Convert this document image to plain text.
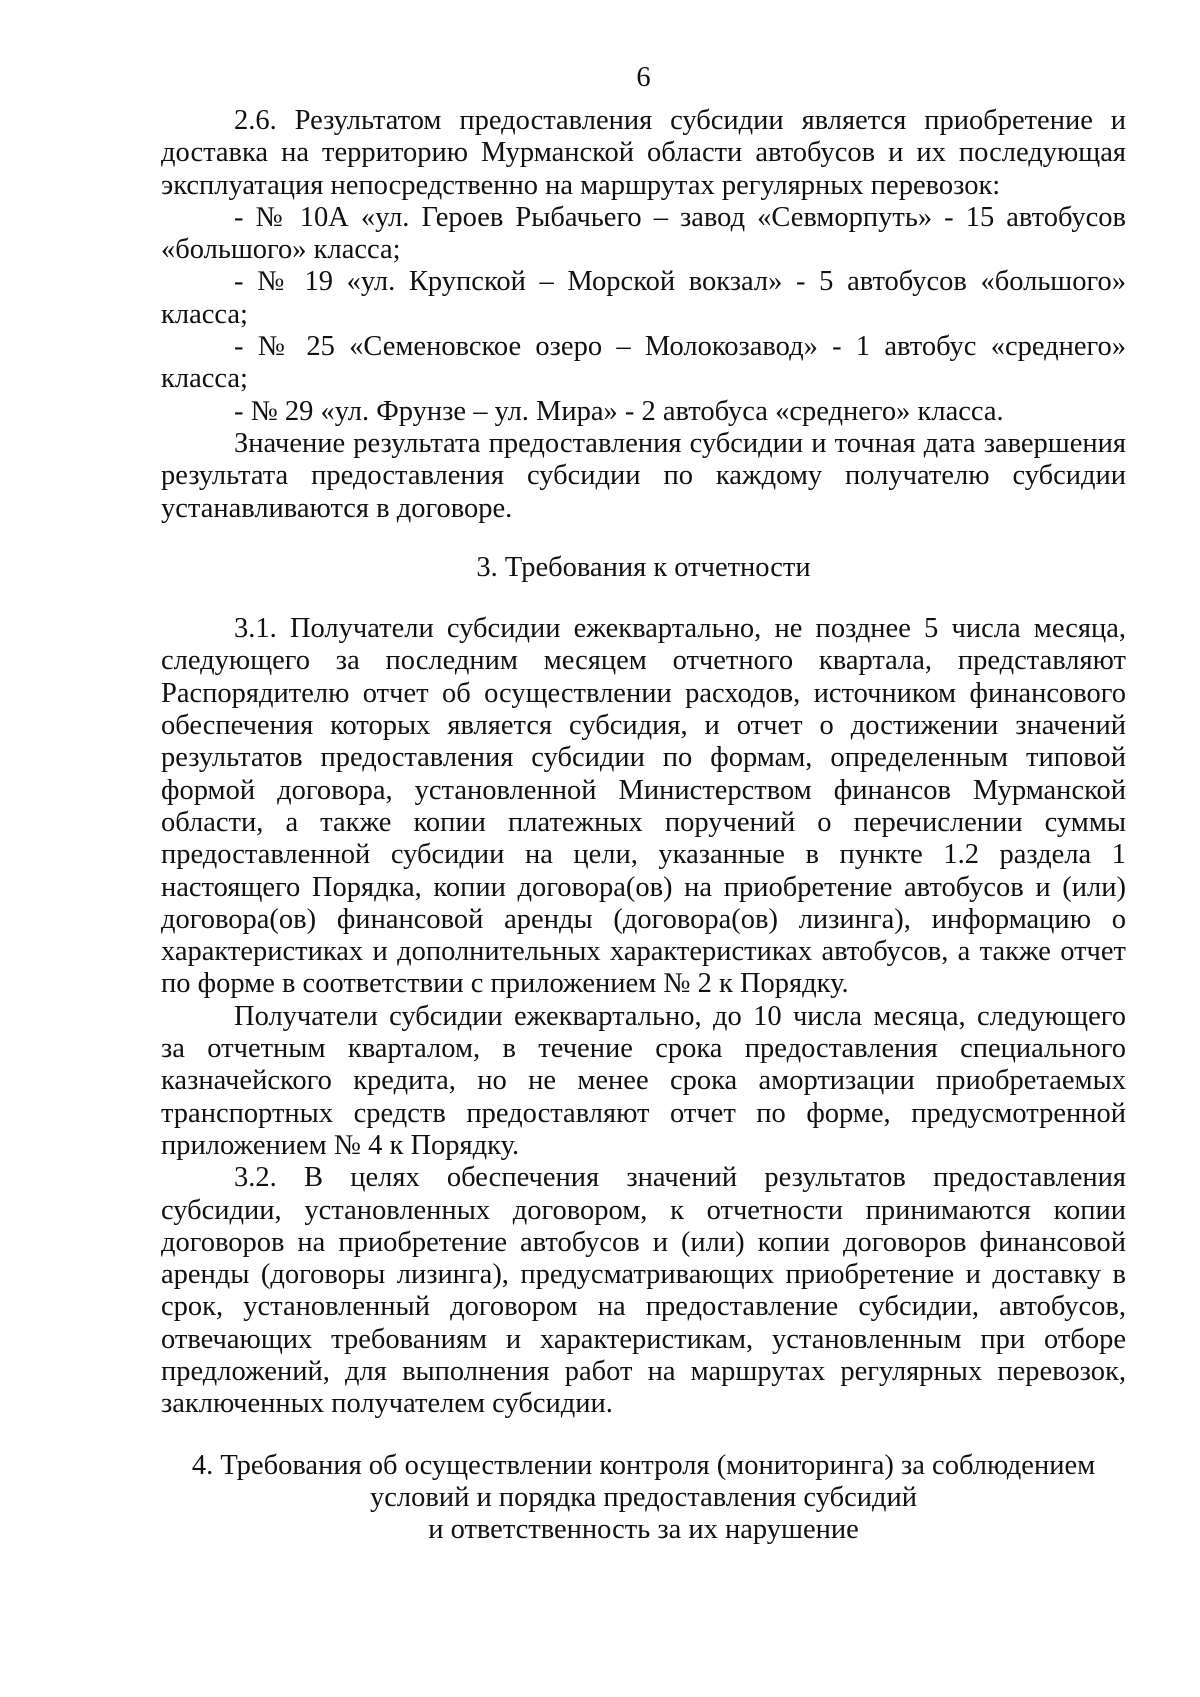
6

2.6. Результатом предоставления субсидии является приобретение и доставка на территорию Мурманской области автобусов и их последующая эксплуатация непосредственно на маршрутах регулярных перевозок:

- № 10А «ул. Героев Рыбачьего – завод «Севморпуть» - 15 автобусов «большого» класса;

- № 19 «ул. Крупской – Морской вокзал» - 5 автобусов «большого» класса;

- № 25 «Семеновское озеро – Молокозавод» - 1 автобус «среднего» класса;

- № 29 «ул. Фрунзе – ул. Мира» - 2 автобуса «среднего» класса.

Значение результата предоставления субсидии и точная дата завершения результата предоставления субсидии по каждому получателю субсидии устанавливаются в договоре.

3. Требования к отчетности

3.1. Получатели субсидии ежеквартально, не позднее 5 числа месяца, следующего за последним месяцем отчетного квартала, представляют Распорядителю отчет об осуществлении расходов, источником финансового обеспечения которых является субсидия, и отчет о достижении значений результатов предоставления субсидии по формам, определенным типовой формой договора, установленной Министерством финансов Мурманской области, а также копии платежных поручений о перечислении суммы предоставленной субсидии на цели, указанные в пункте 1.2 раздела 1 настоящего Порядка, копии договора(ов) на приобретение автобусов и (или) договора(ов) финансовой аренды (договора(ов) лизинга), информацию о характеристиках и дополнительных характеристиках автобусов, а также отчет по форме в соответствии с приложением № 2 к Порядку.

Получатели субсидии ежеквартально, до 10 числа месяца, следующего за отчетным кварталом, в течение срока предоставления специального казначейского кредита, но не менее срока амортизации приобретаемых транспортных средств предоставляют отчет по форме, предусмотренной приложением № 4 к Порядку.

3.2. В целях обеспечения значений результатов предоставления субсидии, установленных договором, к отчетности принимаются копии договоров на приобретение автобусов и (или) копии договоров финансовой аренды (договоры лизинга), предусматривающих приобретение и доставку в срок, установленный договором на предоставление субсидии, автобусов, отвечающих требованиям и характеристикам, установленным при отборе предложений, для выполнения работ на маршрутах регулярных перевозок, заключенных получателем субсидии.

4. Требования об осуществлении контроля (мониторинга) за соблюдением
условий и порядка предоставления субсидий
и ответственность за их нарушение
